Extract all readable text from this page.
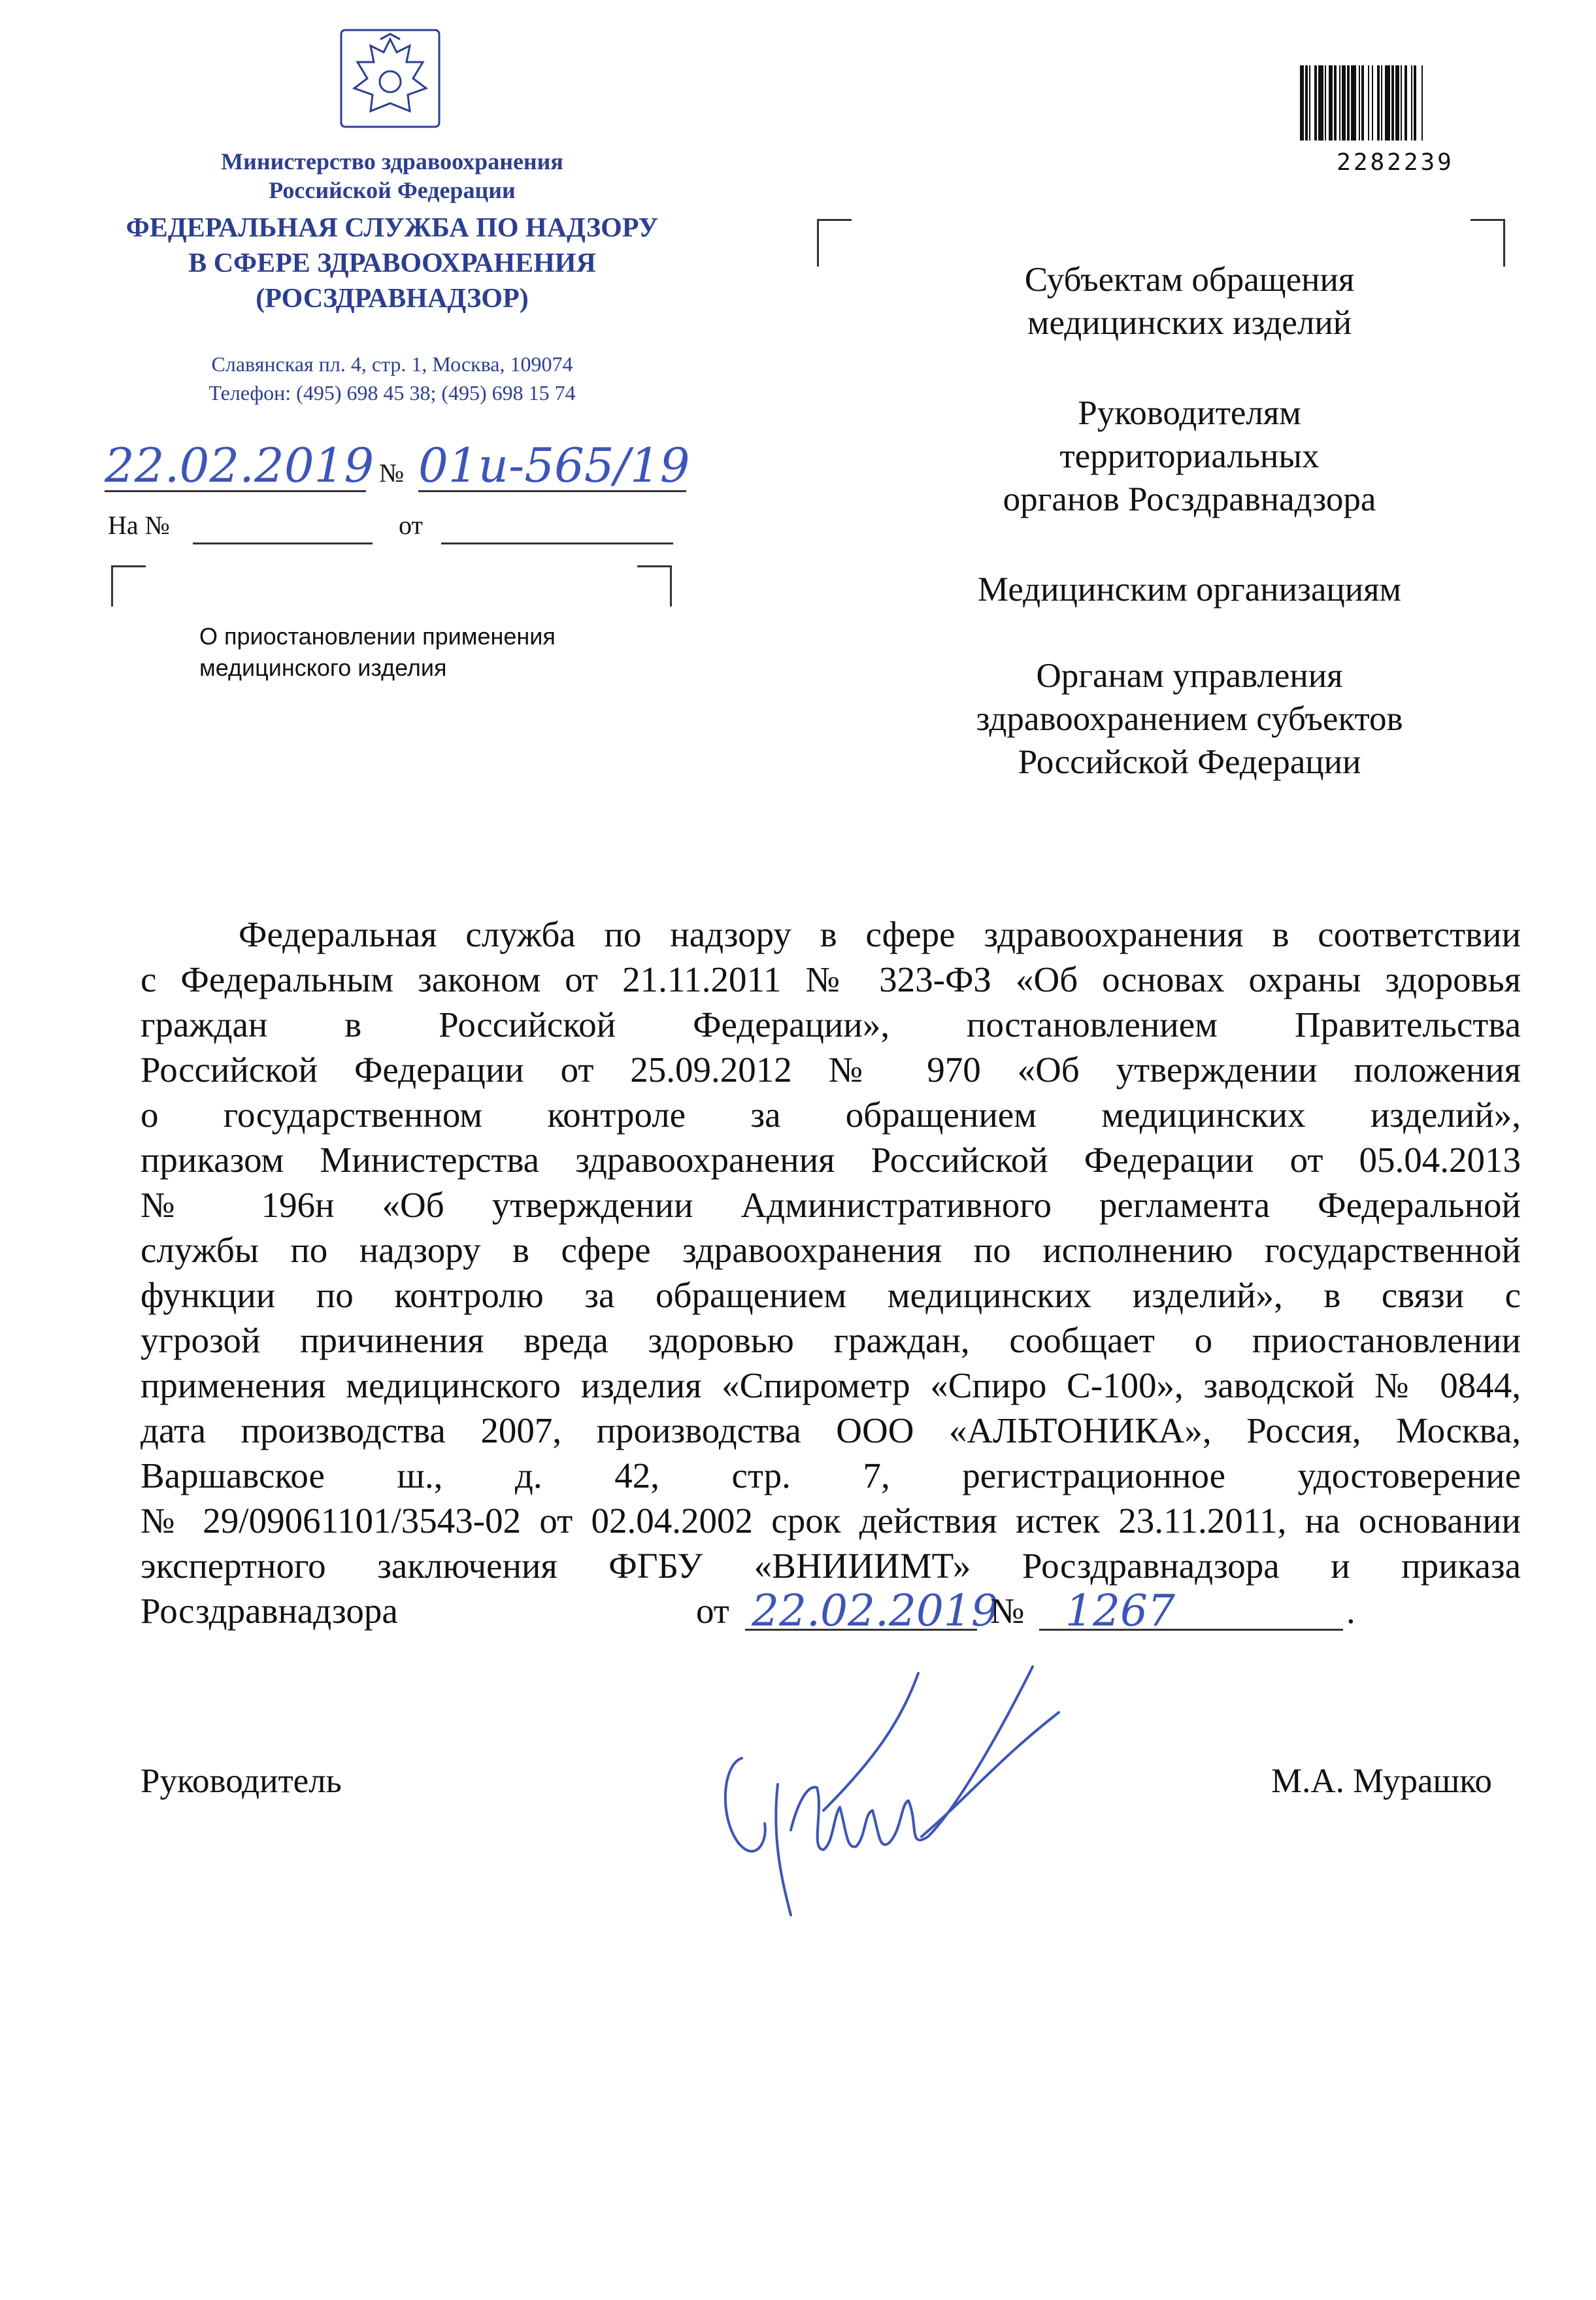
Министерство здравоохранения
Российской Федерации
ФЕДЕРАЛЬНАЯ СЛУЖБА ПО НАДЗОРУ
В СФЕРЕ ЗДРАВООХРАНЕНИЯ
(РОСЗДРАВНАДЗОР)
Славянская пл. 4, стр. 1, Москва, 109074
Телефон: (495) 698 45 38; (495) 698 15 74
22.02.2019 № 01и-565/19
На №	от
О приостановлении применения
медицинского изделия
2282239
Субъектам обращения
медицинских изделий
Руководителям
территориальных
органов Росздравнадзора
Медицинским организациям
Органам управления
здравоохранением субъектов
Российской Федерации
Федеральная служба по надзору в сфере здравоохранения в соответствии
с Федеральным законом от 21.11.2011 № 323-ФЗ «Об основах охраны здоровья
граждан в Российской Федерации», постановлением Правительства
Российской Федерации от 25.09.2012 № 970 «Об утверждении положения
о государственном контроле за обращением медицинских изделий»,
приказом Министерства здравоохранения Российской Федерации от 05.04.2013
№ 196н «Об утверждении Административного регламента Федеральной
службы по надзору в сфере здравоохранения по исполнению государственной
функции по контролю за обращением медицинских изделий», в связи с
угрозой причинения вреда здоровью граждан, сообщает о приостановлении
применения медицинского изделия «Спирометр «Спиро С-100», заводской № 0844,
дата производства 2007, производства ООО «АЛЬТОНИКА», Россия, Москва,
Варшавское ш., д. 42, стр. 7, регистрационное удостоверение
№ 29/09061101/3543-02 от 02.04.2002 срок действия истек 23.11.2011, на основании
экспертного заключения ФГБУ «ВНИИИМТ» Росздравнадзора и приказа
Росздравнадзора	от 22.02.2019
№ 1267	.
Руководитель	М.А. Мурашко
